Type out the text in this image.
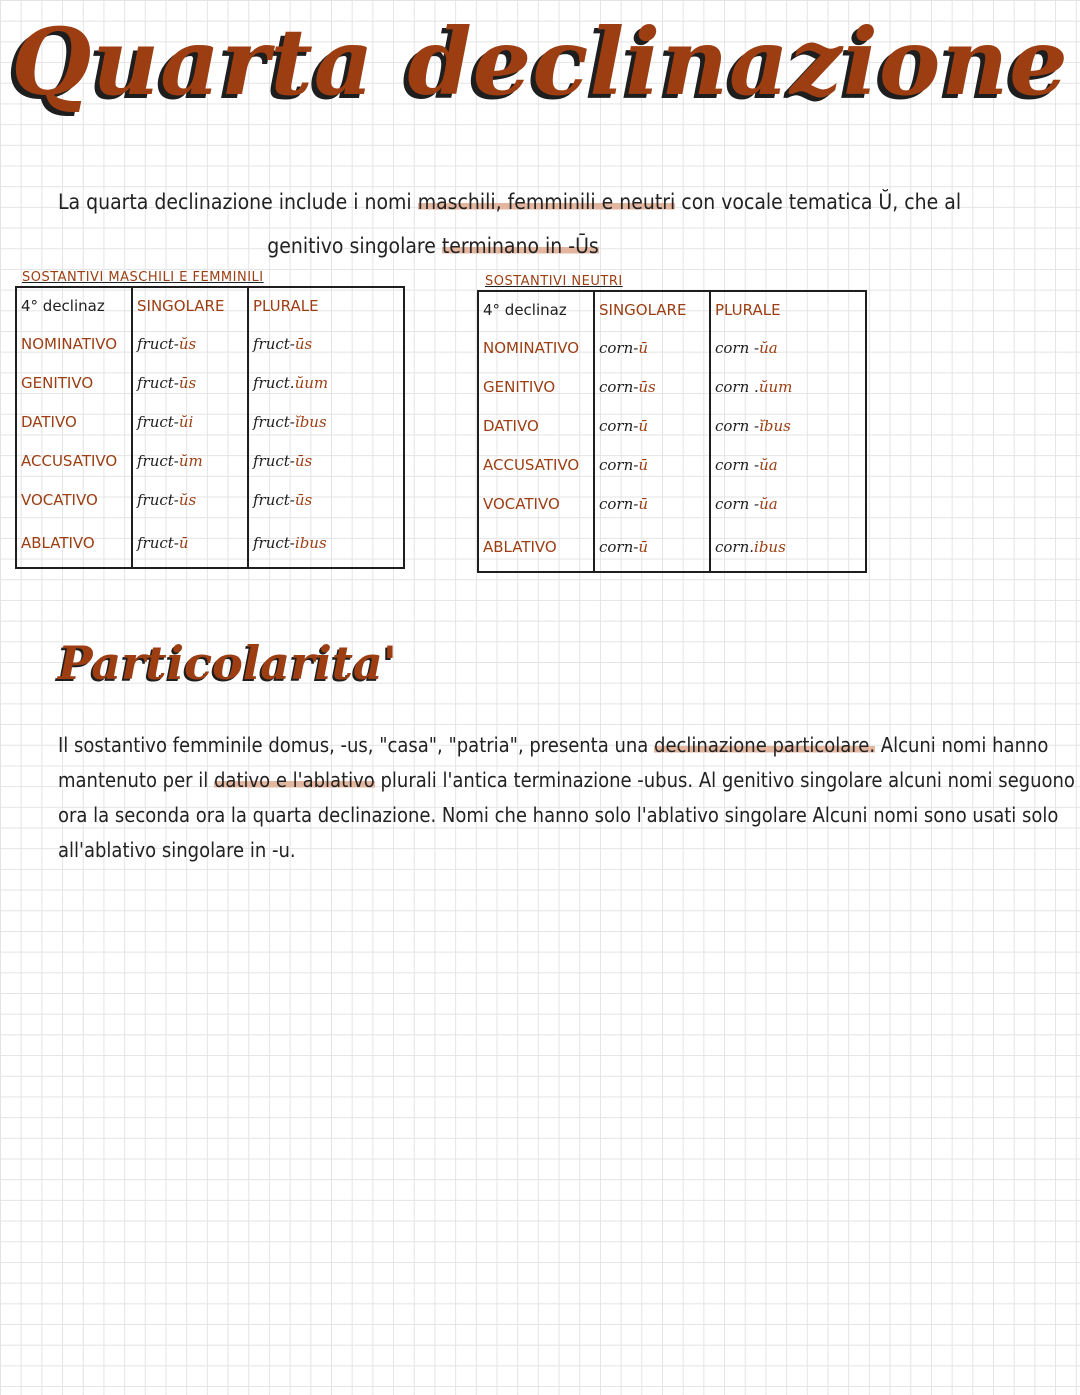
Quarta declinazione
La quarta declinazione include i nomi maschili, femminili e neutri con vocale tematica Ŭ, che al
genitivo singolare terminano in -Ūs
SOSTANTIVI MASCHILI E FEMMINILI
4° declinaz	SINGOLARE	PLURALE
NOMINATIVO	fruct-ŭs	fruct-ūs
GENITIVO	fruct-ūs	fruct.ŭum
DATIVO	fruct-ŭi	fruct-ĭbus
ACCUSATIVO	fruct-ŭm	fruct-ūs
VOCATIVO	fruct-ŭs	fruct-ūs
ABLATIVO	fruct-ū	fruct-ibus
SOSTANTIVI NEUTRI
4° declinaz	SINGOLARE	PLURALE
NOMINATIVO	corn-ū	corn -ŭa
GENITIVO	corn-ūs	corn .ŭum
DATIVO	corn-ū	corn -ĭbus
ACCUSATIVO	corn-ū	corn -ŭa
VOCATIVO	corn-ū	corn -ŭa
ABLATIVO	corn-ū	corn.ibus
Particolarita'
Il sostantivo femminile domus, -us, "casa", "patria", presenta una declinazione particolare. Alcuni nomi hanno mantenuto per il dativo e l'ablativo plurali l'antica terminazione -ubus. Al genitivo singolare alcuni nomi seguono ora la seconda ora la quarta declinazione. Nomi che hanno solo l'ablativo singolare Alcuni nomi sono usati solo all'ablativo singolare in -u.
